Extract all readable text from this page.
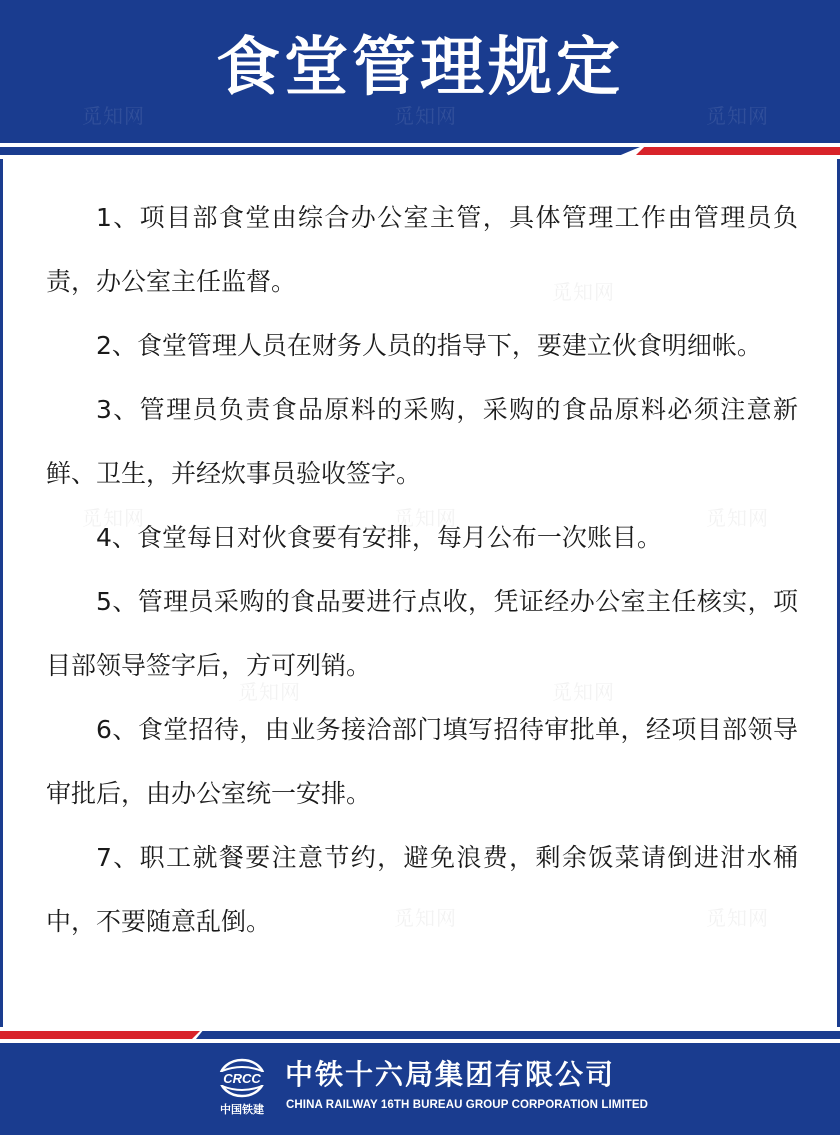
食堂管理规定
觅知网	觅知网	觅知网
觅知网
觅知网	觅知网	觅知网
觅知网	觅知网
觅知网	觅知网

1、项目部食堂由综合办公室主管，具体管理工作由管理员负责，办公室主任监督。

2、食堂管理人员在财务人员的指导下，要建立伙食明细帐。

3、管理员负责食品原料的采购，采购的食品原料必须注意新鲜、卫生，并经炊事员验收签字。

4、食堂每日对伙食要有安排，每月公布一次账目。

5、管理员采购的食品要进行点收，凭证经办公室主任核实，项目部领导签字后，方可列销。

6、食堂招待，由业务接洽部门填写招待审批单，经项目部领导审批后，由办公室统一安排。

7、职工就餐要注意节约，避免浪费，剩余饭菜请倒进泔水桶中，不要随意乱倒。

CRCC
中国铁建
中铁十六局集团有限公司
CHINA RAILWAY 16TH BUREAU GROUP CORPORATION LIMITED
